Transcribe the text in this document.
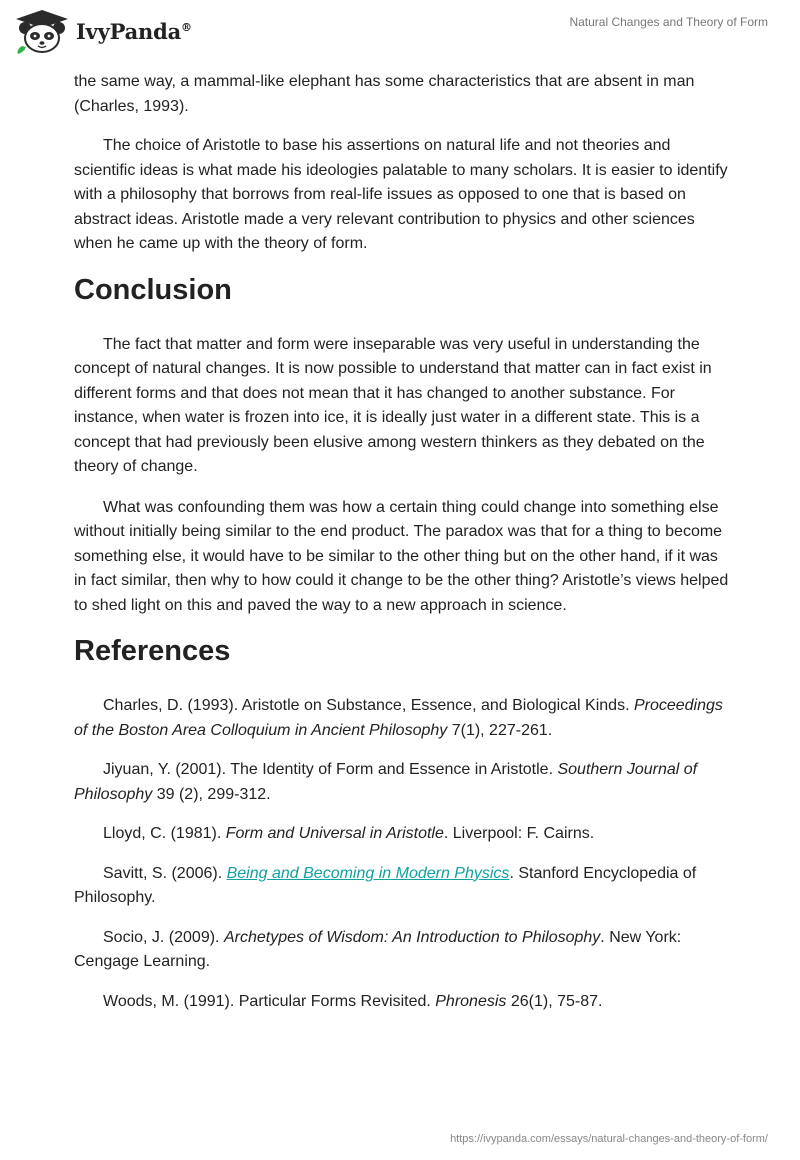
IvyPanda®	Natural Changes and Theory of Form

the same way, a mammal-like elephant has some characteristics that are absent in man (Charles, 1993).

The choice of Aristotle to base his assertions on natural life and not theories and scientific ideas is what made his ideologies palatable to many scholars. It is easier to identify with a philosophy that borrows from real-life issues as opposed to one that is based on abstract ideas. Aristotle made a very relevant contribution to physics and other sciences when he came up with the theory of form.

Conclusion

The fact that matter and form were inseparable was very useful in understanding the concept of natural changes. It is now possible to understand that matter can in fact exist in different forms and that does not mean that it has changed to another substance. For instance, when water is frozen into ice, it is ideally just water in a different state. This is a concept that had previously been elusive among western thinkers as they debated on the theory of change.

What was confounding them was how a certain thing could change into something else without initially being similar to the end product. The paradox was that for a thing to become something else, it would have to be similar to the other thing but on the other hand, if it was in fact similar, then why to how could it change to be the other thing? Aristotle’s views helped to shed light on this and paved the way to a new approach in science.

References

Charles, D. (1993). Aristotle on Substance, Essence, and Biological Kinds. Proceedings of the Boston Area Colloquium in Ancient Philosophy 7(1), 227-261.

Jiyuan, Y. (2001). The Identity of Form and Essence in Aristotle. Southern Journal of Philosophy 39 (2), 299-312.

Lloyd, C. (1981). Form and Universal in Aristotle. Liverpool: F. Cairns.

Savitt, S. (2006). Being and Becoming in Modern Physics. Stanford Encyclopedia of Philosophy.

Socio, J. (2009). Archetypes of Wisdom: An Introduction to Philosophy. New York: Cengage Learning.

Woods, M. (1991). Particular Forms Revisited. Phronesis 26(1), 75-87.

https://ivypanda.com/essays/natural-changes-and-theory-of-form/
